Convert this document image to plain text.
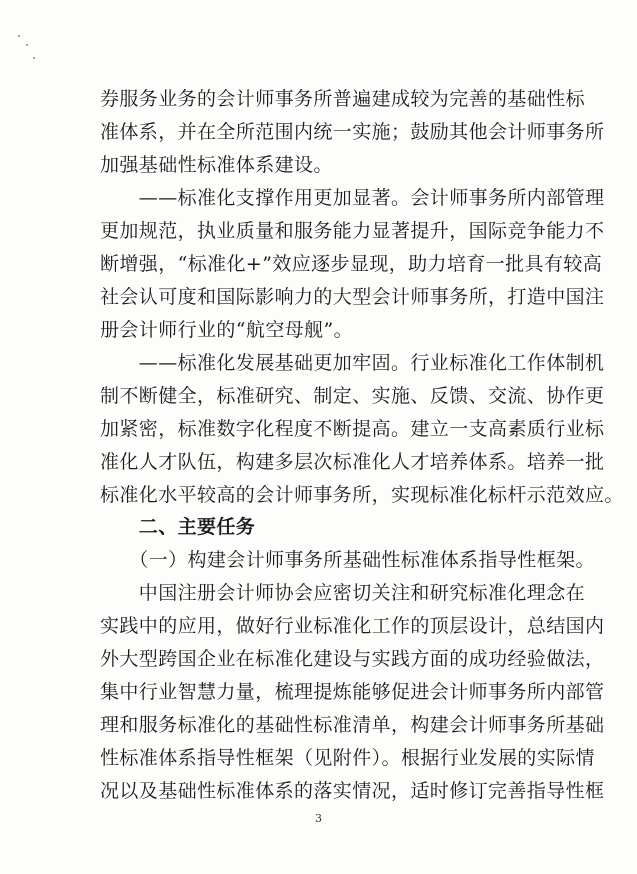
券服务业务的会计师事务所普遍建成较为完善的基础性标
准体系，并在全所范围内统一实施；鼓励其他会计师事务所
加强基础性标准体系建设。
　　——标准化支撑作用更加显著。会计师事务所内部管理
更加规范，执业质量和服务能力显著提升，国际竞争能力不
断增强，“标准化+”效应逐步显现，助力培育一批具有较高
社会认可度和国际影响力的大型会计师事务所，打造中国注
册会计师行业的“航空母舰”。
　　——标准化发展基础更加牢固。行业标准化工作体制机
制不断健全，标准研究、制定、实施、反馈、交流、协作更
加紧密，标准数字化程度不断提高。建立一支高素质行业标
准化人才队伍，构建多层次标准化人才培养体系。培养一批
标准化水平较高的会计师事务所，实现标准化标杆示范效应。
　　二、主要任务
　　（一）构建会计师事务所基础性标准体系指导性框架。
　　中国注册会计师协会应密切关注和研究标准化理念在
实践中的应用，做好行业标准化工作的顶层设计，总结国内
外大型跨国企业在标准化建设与实践方面的成功经验做法，
集中行业智慧力量，梳理提炼能够促进会计师事务所内部管
理和服务标准化的基础性标准清单，构建会计师事务所基础
性标准体系指导性框架（见附件）。根据行业发展的实际情
况以及基础性标准体系的落实情况，适时修订完善指导性框
3
